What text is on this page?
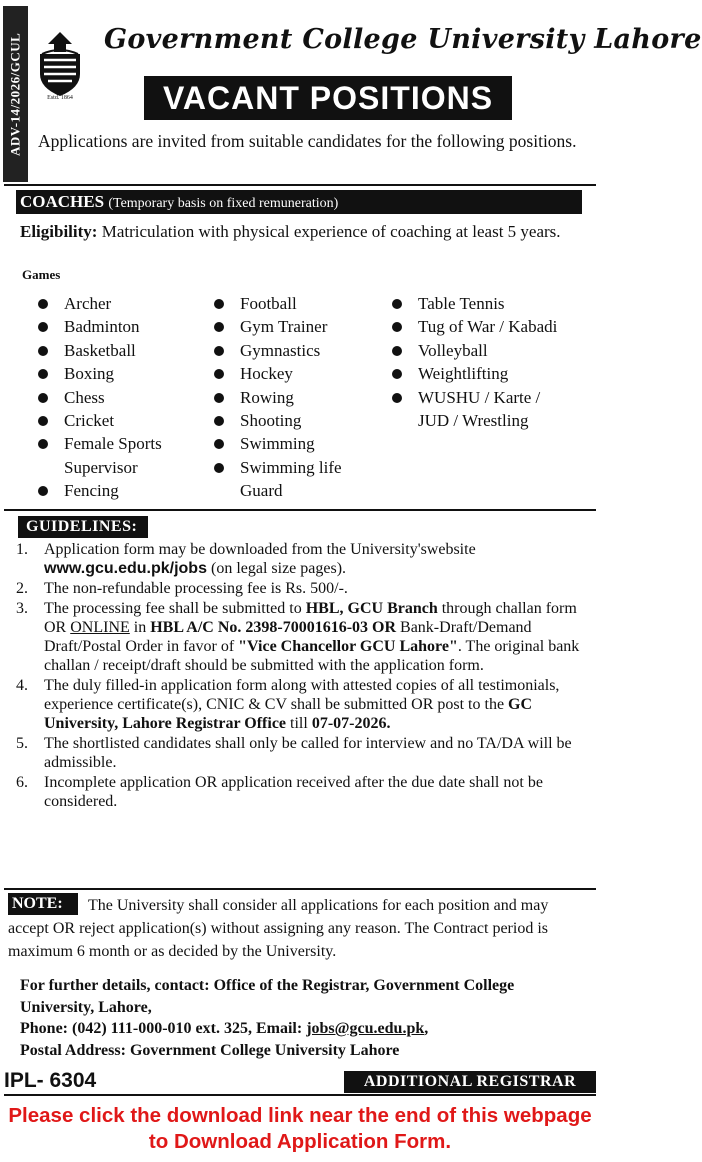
ADV-14/2026/GCUL	Estd. 1864
Government College University Lahore
VACANT POSITIONS
Applications are invited from suitable candidates for the following positions.
COACHES (Temporary basis on fixed remuneration)
Eligibility: Matriculation with physical experience of coaching at least 5 years.
Games
Archer
Badminton
Basketball
Boxing
Chess
Cricket
Female Sports Supervisor
Fencing
Football
Gym Trainer
Gymnastics
Hockey
Rowing
Shooting
Swimming
Swimming life Guard
Table Tennis
Tug of War / Kabadi
Volleyball
Weightlifting
WUSHU / Karte / JUD / Wrestling
GUIDELINES:
1. Application form may be downloaded from the University'swebsite www.gcu.edu.pk/jobs (on legal size pages).
2. The non-refundable processing fee is Rs. 500/-.
3. The processing fee shall be submitted to HBL, GCU Branch through challan form OR ONLINE in HBL A/C No. 2398-70001616-03 OR Bank-Draft/Demand Draft/Postal Order in favor of "Vice Chancellor GCU Lahore". The original bank challan / receipt/draft should be submitted with the application form.
4. The duly filled-in application form along with attested copies of all testimonials, experience certificate(s), CNIC & CV shall be submitted OR post to the GC University, Lahore Registrar Office till 07-07-2026.
5. The shortlisted candidates shall only be called for interview and no TA/DA will be admissible.
6. Incomplete application OR application received after the due date shall not be considered.
The University shall consider all applications for each position and may accept OR reject application(s) without assigning any reason. The Contract period is maximum 6 month or as decided by the University.
NOTE:
For further details, contact: Office of the Registrar, Government College University, Lahore,
Phone: (042) 111-000-010 ext. 325, Email: jobs@gcu.edu.pk,
Postal Address: Government College University Lahore
IPL- 6304	ADDITIONAL REGISTRAR
Please click the download link near the end of this webpage to Download Application Form.
